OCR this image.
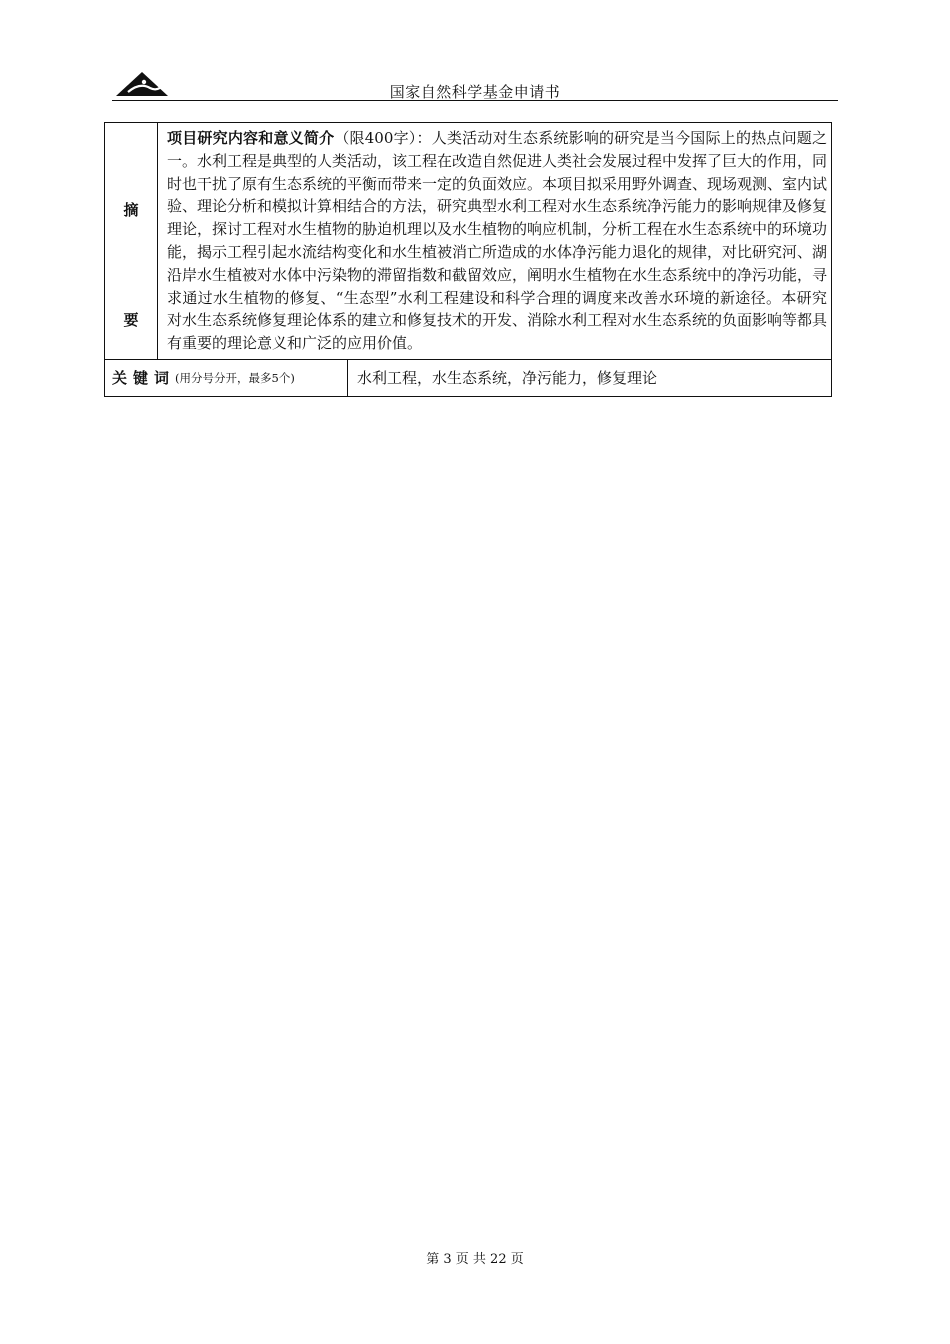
国家自然科学基金申请书
摘
要
项目研究内容和意义简介（限400字）：人类活动对生态系统影响的研究是当今国际上的热点问题之一。水利工程是典型的人类活动，该工程在改造自然促进人类社会发展过程中发挥了巨大的作用，同时也干扰了原有生态系统的平衡而带来一定的负面效应。本项目拟采用野外调查、现场观测、室内试验、理论分析和模拟计算相结合的方法，研究典型水利工程对水生态系统净污能力的影响规律及修复理论，探讨工程对水生植物的胁迫机理以及水生植物的响应机制，分析工程在水生态系统中的环境功能，揭示工程引起水流结构变化和水生植被消亡所造成的水体净污能力退化的规律，对比研究河、湖沿岸水生植被对水体中污染物的滞留指数和截留效应，阐明水生植物在水生态系统中的净污功能，寻求通过水生植物的修复、“生态型”水利工程建设和科学合理的调度来改善水环境的新途径。本研究对水生态系统修复理论体系的建立和修复技术的开发、消除水利工程对水生态系统的负面影响等都具有重要的理论意义和广泛的应用价值。
关键词 (用分号分开，最多5个)	水利工程，水生态系统，净污能力，修复理论
第 3 页 共 22 页
